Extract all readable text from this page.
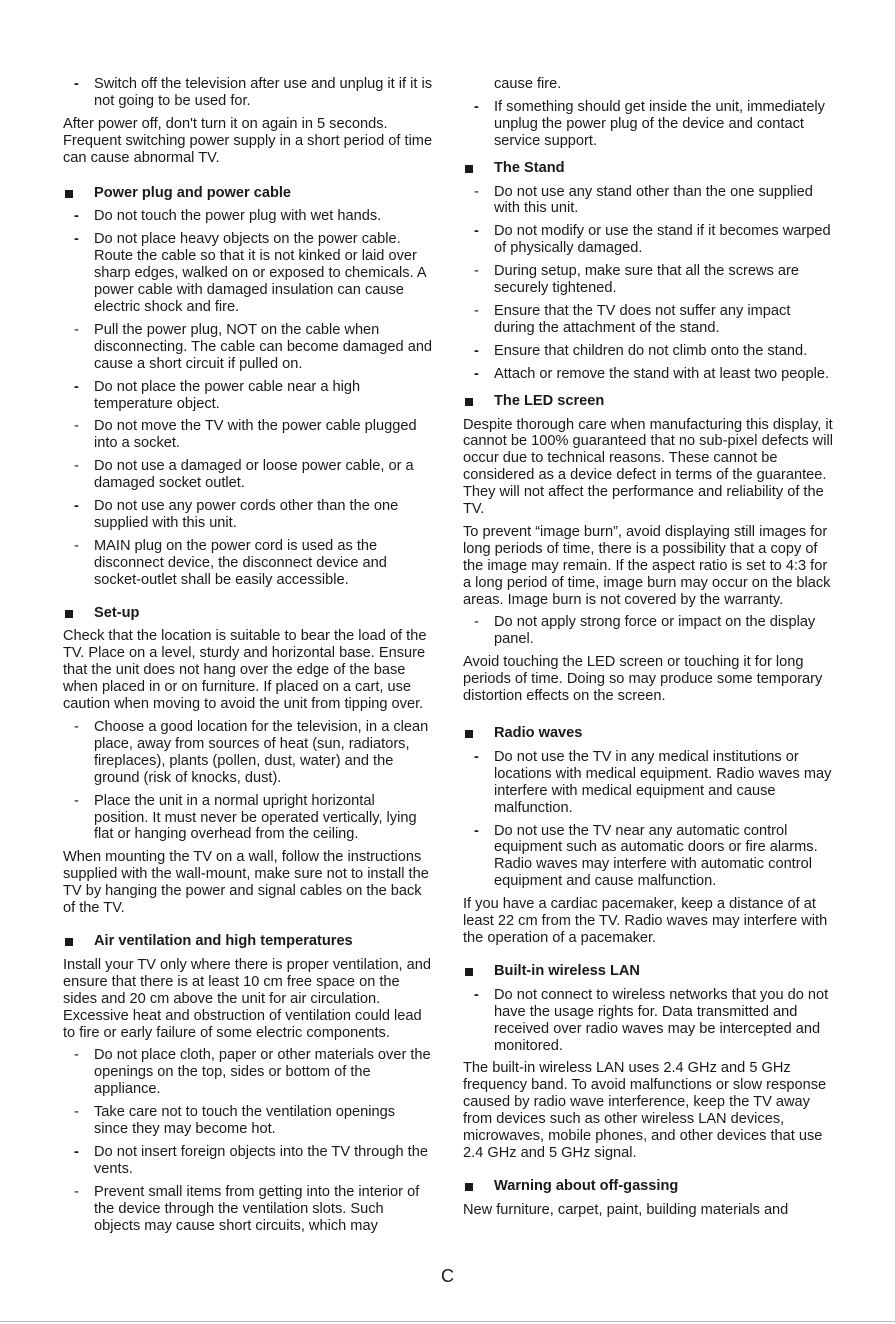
- Switch off the television after use and unplug it if it is not going to be used for.

After power off, don't turn it on again in 5 seconds. Frequent switching power supply in a short period of time can cause abnormal TV.

Power plug and power cable
- Do not touch the power plug with wet hands.
- Do not place heavy objects on the power cable. Route the cable so that it is not kinked or laid over sharp edges, walked on or exposed to chemicals. A power cable with damaged insulation can cause electric shock and fire.
- Pull the power plug, NOT on the cable when disconnecting. The cable can become damaged and cause a short circuit if pulled on.
- Do not place the power cable near a high temperature object.
- Do not move the TV with the power cable plugged into a socket.
- Do not use a damaged or loose power cable, or a damaged socket outlet.
- Do not use any power cords other than the one supplied with this unit.
- MAIN plug on the power cord is used as the disconnect device, the disconnect device and socket-outlet shall be easily accessible.
Set-up

Check that the location is suitable to bear the load of the TV. Place on a level, sturdy and horizontal base. Ensure that the unit does not hang over the edge of the base when placed in or on furniture. If placed on a cart, use caution when moving to avoid the unit from tipping over.

- Choose a good location for the television, in a clean place, away from sources of heat (sun, radiators, fireplaces), plants (pollen, dust, water) and the ground (risk of knocks, dust).
- Place the unit in a normal upright horizontal position. It must never be operated vertically, lying flat or hanging overhead from the ceiling.

When mounting the TV on a wall, follow the instructions supplied with the wall-mount, make sure not to install the TV by hanging the power and signal cables on the back of the TV.

Air ventilation and high temperatures

Install your TV only where there is proper ventilation, and ensure that there is at least 10 cm free space on the sides and 20 cm above the unit for air circulation. Excessive heat and obstruction of ventilation could lead to fire or early failure of some electric components.

- Do not place cloth, paper or other materials over the openings on the top, sides or bottom of the appliance.
- Take care not to touch the ventilation openings since they may become hot.
- Do not insert foreign objects into the TV through the vents.
- Prevent small items from getting into the interior of the device through the ventilation slots. Such objects may cause short circuits, which may
cause fire.
- If something should get inside the unit, immediately unplug the power plug of the device and contact service support.
The Stand
- Do not use any stand other than the one supplied with this unit.
- Do not modify or use the stand if it becomes warped of physically damaged.
- During setup, make sure that all the screws are securely tightened.
- Ensure that the TV does not suffer any impact during the attachment of the stand.
- Ensure that children do not climb onto the stand.
- Attach or remove the stand with at least two people.
The LED screen

Despite thorough care when manufacturing this display, it cannot be 100% guaranteed that no sub-pixel defects will occur due to technical reasons. These cannot be considered as a device defect in terms of the guarantee. They will not affect the performance and reliability of the TV.

To prevent “image burn”, avoid displaying still images for long periods of time, there is a possibility that a copy of the image may remain. If the aspect ratio is set to 4:3 for a long period of time, image burn may occur on the black areas. Image burn is not covered by the warranty.

- Do not apply strong force or impact on the display panel.

Avoid touching the LED screen or touching it for long periods of time. Doing so may produce some temporary distortion effects on the screen.

Radio waves
- Do not use the TV in any medical institutions or locations with medical equipment. Radio waves may interfere with medical equipment and cause malfunction.
- Do not use the TV near any automatic control equipment such as automatic doors or fire alarms. Radio waves may interfere with automatic control equipment and cause malfunction.

If you have a cardiac pacemaker, keep a distance of at least 22 cm from the TV. Radio waves may interfere with the operation of a pacemaker.

Built-in wireless LAN
- Do not connect to wireless networks that you do not have the usage rights for. Data transmitted and received over radio waves may be intercepted and monitored.

The built-in wireless LAN uses 2.4 GHz and 5 GHz frequency band. To avoid malfunctions or slow response caused by radio wave interference, keep the TV away from devices such as other wireless LAN devices, microwaves, mobile phones, and other devices that use 2.4 GHz and 5 GHz signal.

Warning about off-gassing

New furniture, carpet, paint, building materials and

C
